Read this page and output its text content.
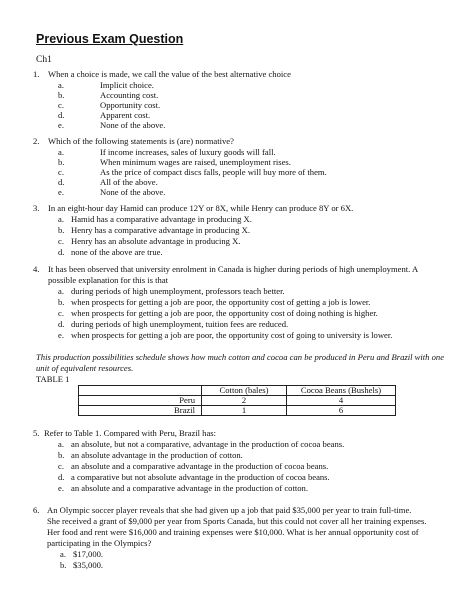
Previous Exam Question
Ch1
1. When a choice is made, we call the value of the best alternative choice
a.	Implicit choice.
b.	Accounting cost.
c.	Opportunity cost.
d.	Apparent cost.
e.	None of the above.
2. Which of the following statements is (are) normative?
a.	If income increases, sales of luxury goods will fall.
b.	When minimum wages are raised, unemployment rises.
c.	As the price of compact discs falls, people will buy more of them.
d.	All of the above.
e.	None of the above.
3. In an eight-hour day Hamid can produce 12Y or 8X, while Henry can produce 8Y or 6X.
a. Hamid has a comparative advantage in producing X.
b. Henry has a comparative advantage in producing X.
c. Henry has an absolute advantage in producing X.
d. none of the above are true.
4. It has been observed that university enrolment in Canada is higher during periods of high unemployment. A
possible explanation for this is that
a. during periods of high unemployment, professors teach better.
b. when prospects for getting a job are poor, the opportunity cost of getting a job is lower.
c. when prospects for getting a job are poor, the opportunity cost of doing nothing is higher.
d. during periods of high unemployment, tuition fees are reduced.
e. when prospects for getting a job are poor, the opportunity cost of going to university is lower.
This production possibilities schedule shows how much cotton and cocoa can be produced in Peru and Brazil with one
unit of equivalent resources.
TABLE 1
	Cotton (bales)	Cocoa Beans (Bushels)
Peru	2	4
Brazil	1	6
5. Refer to Table 1. Compared with Peru, Brazil has:
a. an absolute, but not a comparative, advantage in the production of cocoa beans.
b. an absolute advantage in the production of cotton.
c. an absolute and a comparative advantage in the production of cocoa beans.
d. a comparative but not absolute advantage in the production of cocoa beans.
e. an absolute and a comparative advantage in the production of cotton.
6. An Olympic soccer player reveals that she had given up a job that paid $35,000 per year to train full-time.
She received a grant of $9,000 per year from Sports Canada, but this could not cover all her training expenses.
Her food and rent were $16,000 and training expenses were $10,000. What is her annual opportunity cost of
participating in the Olympics?
a. $17,000.
b. $35,000.
